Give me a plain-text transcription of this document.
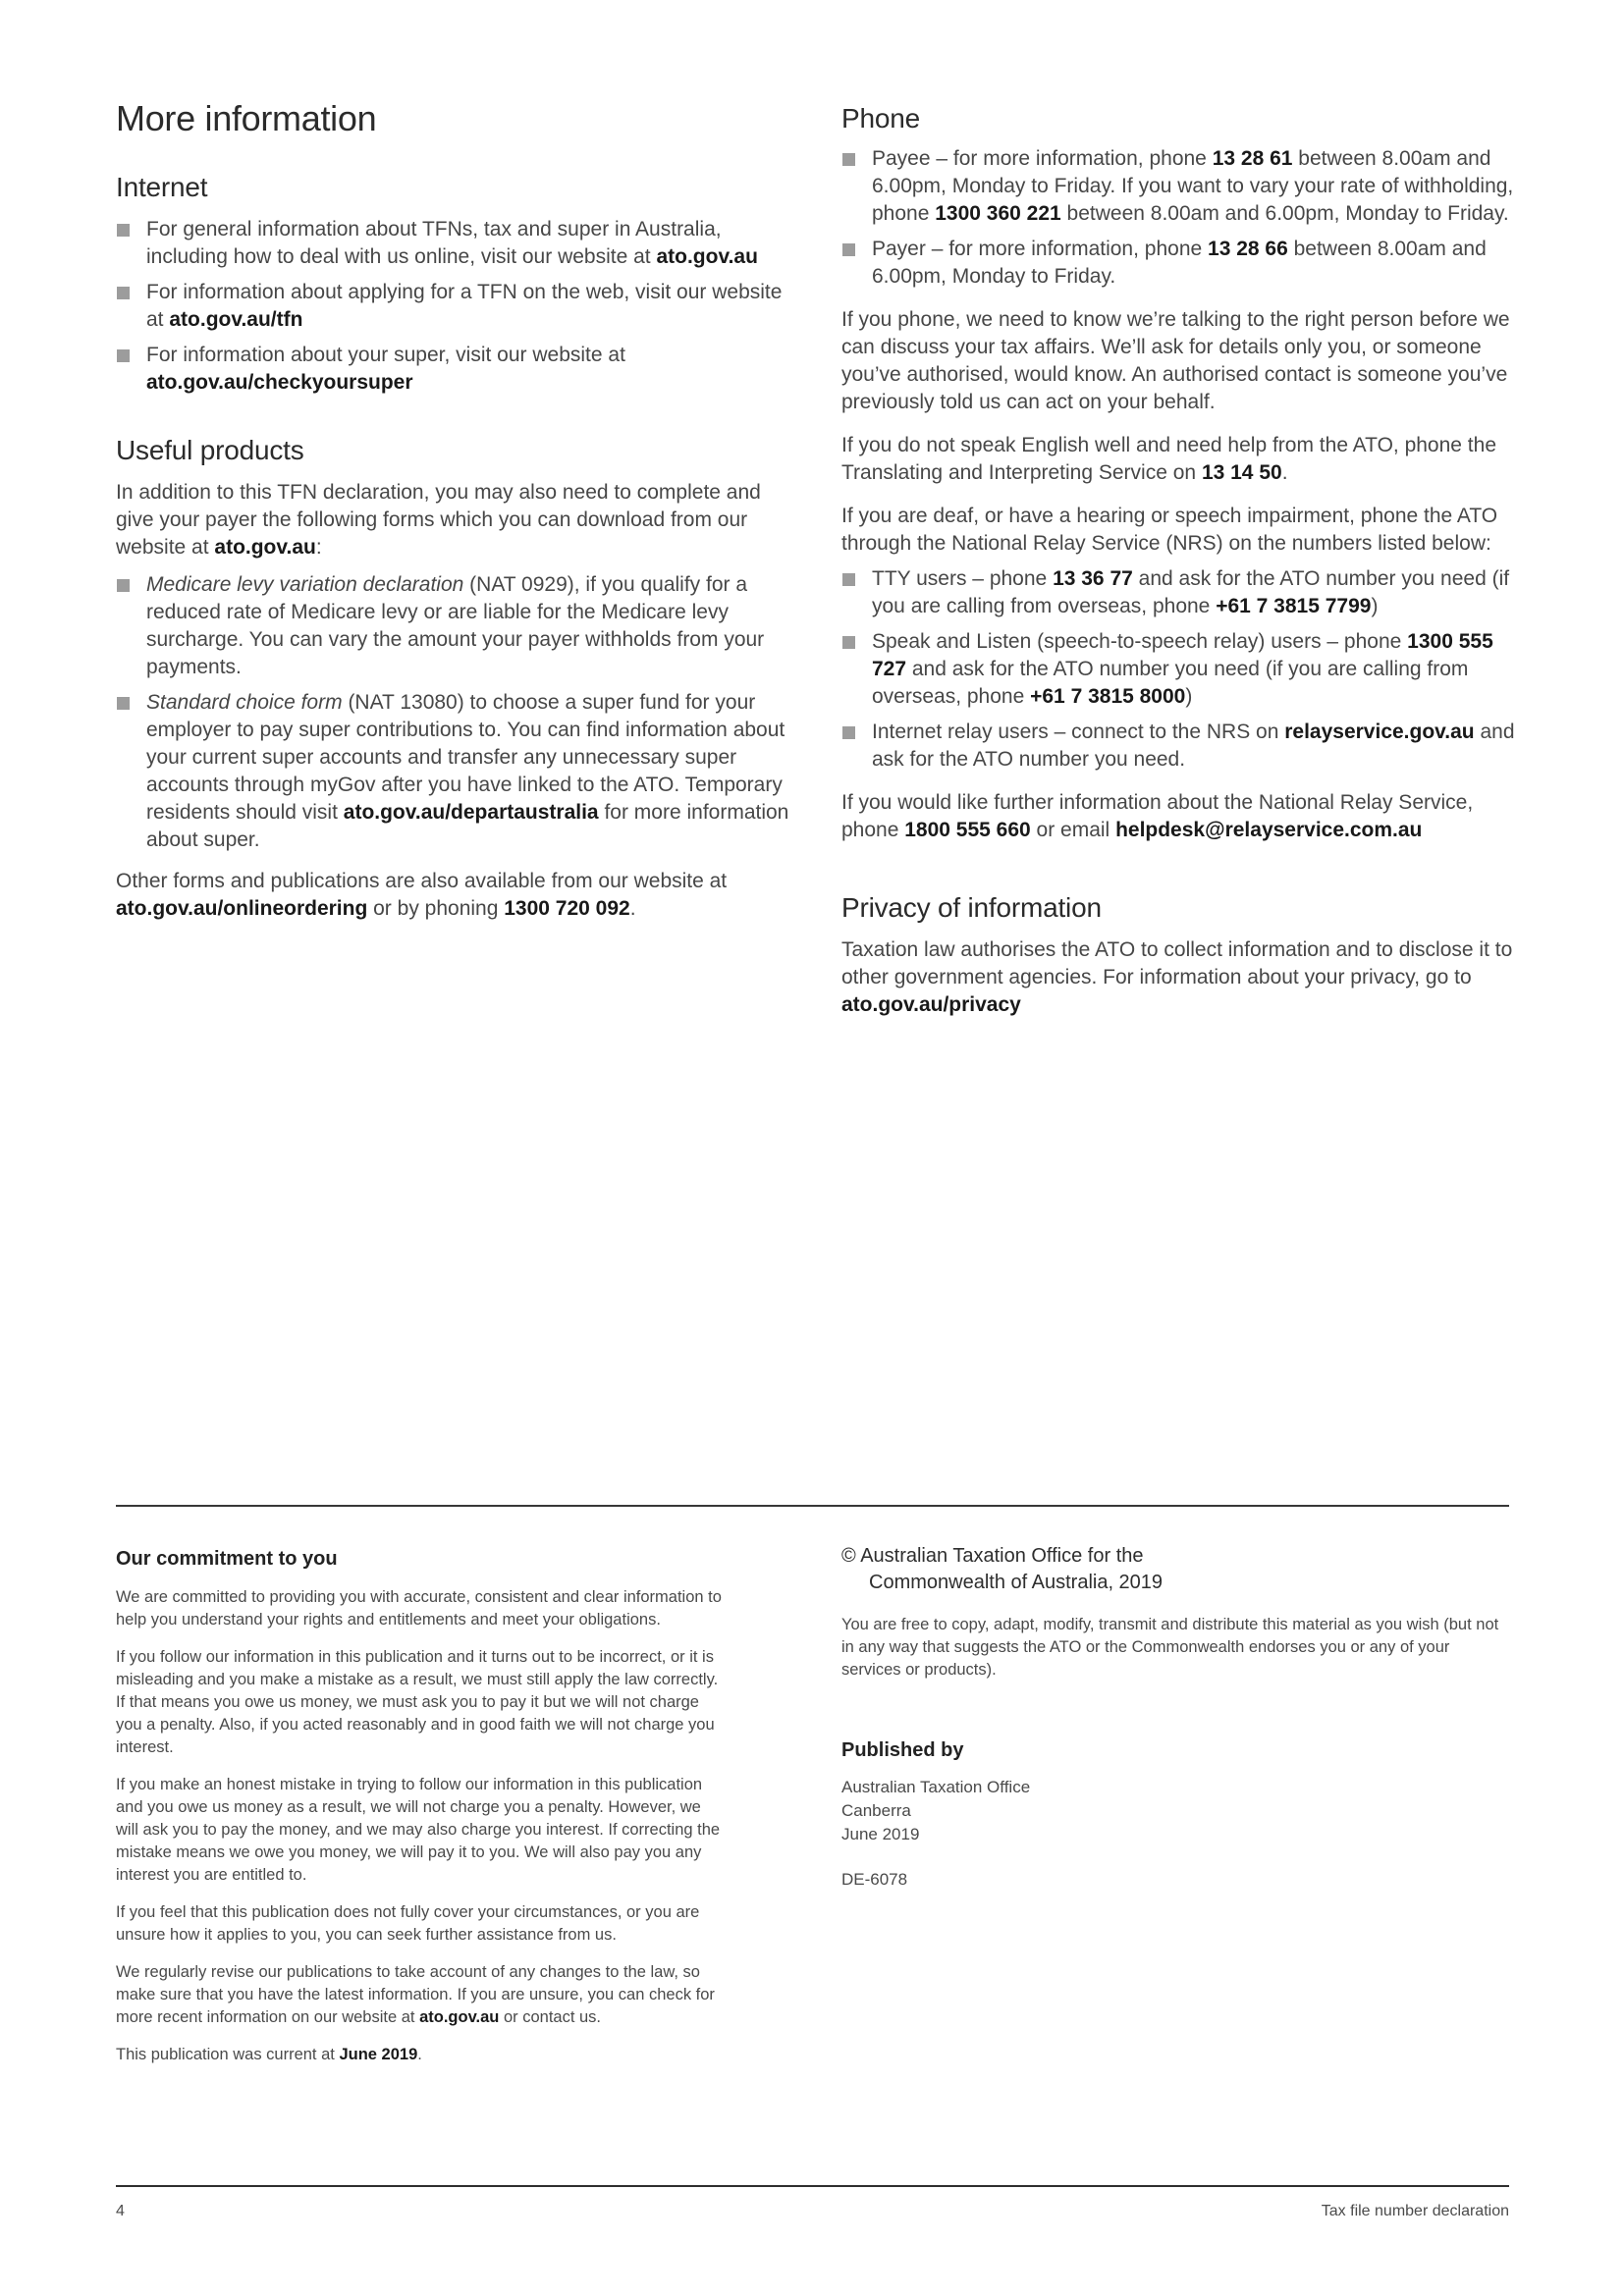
More information
Internet
For general information about TFNs, tax and super in Australia, including how to deal with us online, visit our website at ato.gov.au
For information about applying for a TFN on the web, visit our website at ato.gov.au/tfn
For information about your super, visit our website at ato.gov.au/checkyoursuper
Useful products

In addition to this TFN declaration, you may also need to complete and give your payer the following forms which you can download from our website at ato.gov.au:

Medicare levy variation declaration (NAT 0929), if you qualify for a reduced rate of Medicare levy or are liable for the Medicare levy surcharge. You can vary the amount your payer withholds from your payments.
Standard choice form (NAT 13080) to choose a super fund for your employer to pay super contributions to. You can find information about your current super accounts and transfer any unnecessary super accounts through myGov after you have linked to the ATO. Temporary residents should visit ato.gov.au/departaustralia for more information about super.

Other forms and publications are also available from our website at ato.gov.au/onlineordering or by phoning 1300 720 092.

Phone
Payee – for more information, phone 13 28 61 between 8.00am and 6.00pm, Monday to Friday. If you want to vary your rate of withholding, phone 1300 360 221 between 8.00am and 6.00pm, Monday to Friday.
Payer – for more information, phone 13 28 66 between 8.00am and 6.00pm, Monday to Friday.

If you phone, we need to know we’re talking to the right person before we can discuss your tax affairs. We’ll ask for details only you, or someone you’ve authorised, would know. An authorised contact is someone you’ve previously told us can act on your behalf.

If you do not speak English well and need help from the ATO, phone the Translating and Interpreting Service on 13 14 50.

If you are deaf, or have a hearing or speech impairment, phone the ATO through the National Relay Service (NRS) on the numbers listed below:

TTY users – phone 13 36 77 and ask for the ATO number you need (if you are calling from overseas, phone +61 7 3815 7799)
Speak and Listen (speech-to-speech relay) users – phone 1300 555 727 and ask for the ATO number you need (if you are calling from overseas, phone +61 7 3815 8000)
Internet relay users – connect to the NRS on relayservice.gov.au and ask for the ATO number you need.

If you would like further information about the National Relay Service, phone 1800 555 660 or email helpdesk@relayservice.com.au

Privacy of information

Taxation law authorises the ATO to collect information and to disclose it to other government agencies. For information about your privacy, go to ato.gov.au/privacy

Our commitment to you

We are committed to providing you with accurate, consistent and clear information to help you understand your rights and entitlements and meet your obligations.

If you follow our information in this publication and it turns out to be incorrect, or it is misleading and you make a mistake as a result, we must still apply the law correctly. If that means you owe us money, we must ask you to pay it but we will not charge you a penalty. Also, if you acted reasonably and in good faith we will not charge you interest.

If you make an honest mistake in trying to follow our information in this publication and you owe us money as a result, we will not charge you a penalty. However, we will ask you to pay the money, and we may also charge you interest. If correcting the mistake means we owe you money, we will pay it to you. We will also pay you any interest you are entitled to.

If you feel that this publication does not fully cover your circumstances, or you are unsure how it applies to you, you can seek further assistance from us.

We regularly revise our publications to take account of any changes to the law, so make sure that you have the latest information. If you are unsure, you can check for more recent information on our website at ato.gov.au or contact us.

This publication was current at June 2019.

© Australian Taxation Office for the
Commonwealth of Australia, 2019

You are free to copy, adapt, modify, transmit and distribute this material as you wish (but not in any way that suggests the ATO or the Commonwealth endorses you or any of your services or products).

Published by

Australian Taxation Office

Canberra

June 2019

DE-6078

4	Tax file number declaration
